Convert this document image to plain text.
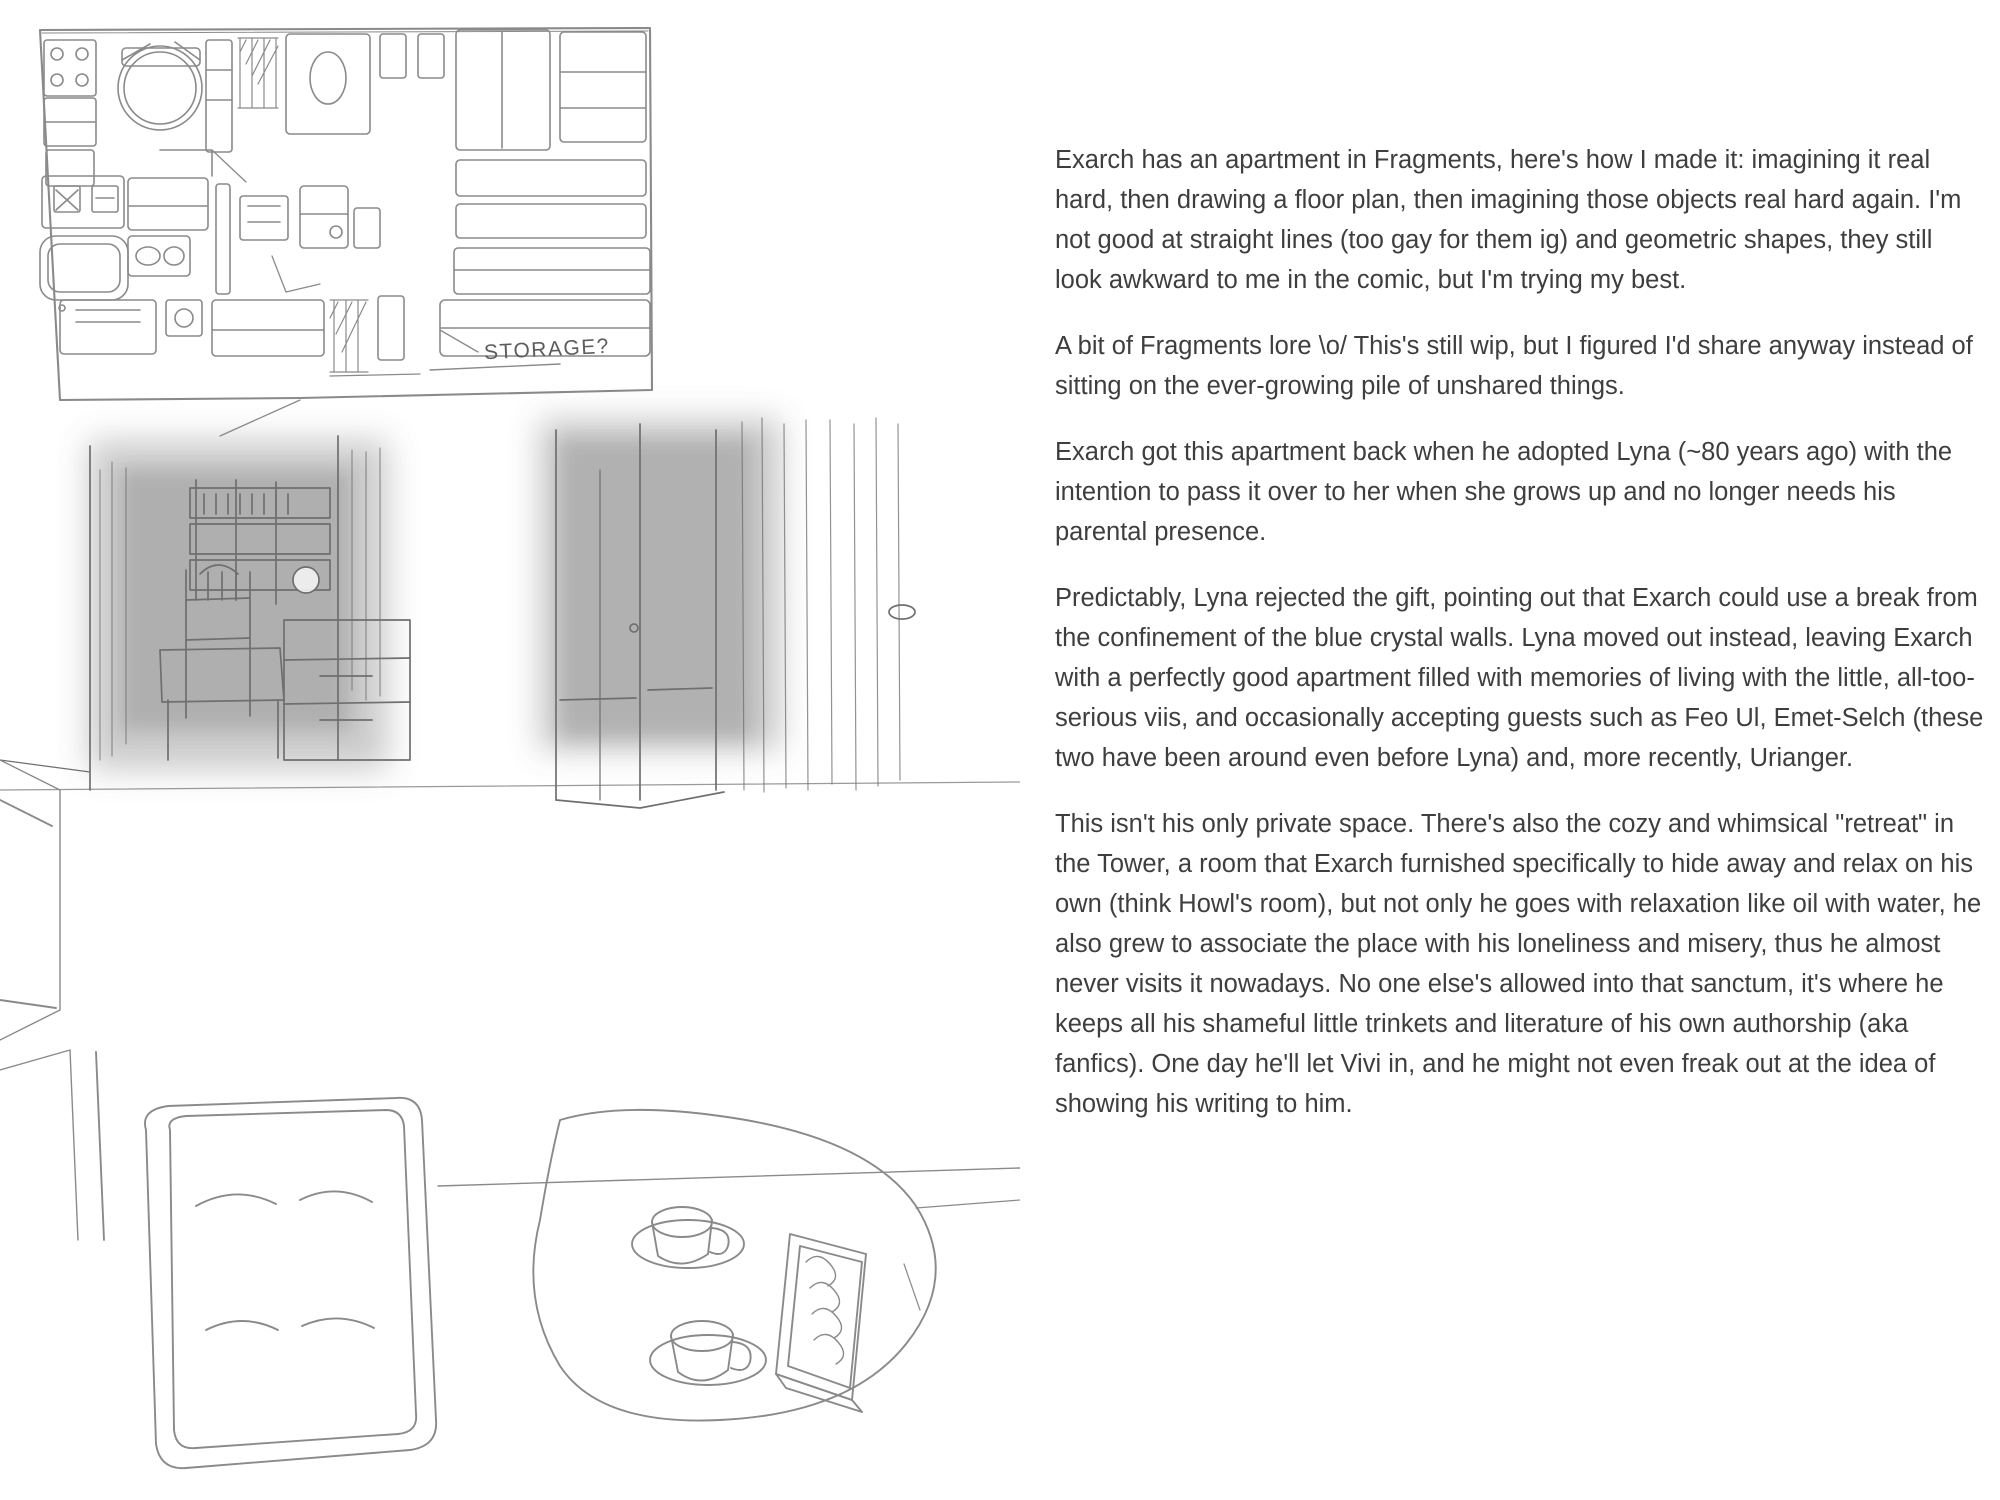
STORAGE?

Exarch has an apartment in Fragments, here's how I made it: imagining it real hard, then drawing a floor plan, then imagining those objects real hard again. I'm not good at straight lines (too gay for them ig) and geometric shapes, they still look awkward to me in the comic, but I'm trying my best.

A bit of Fragments lore \o/ This's still wip, but I figured I'd share anyway instead of sitting on the ever-growing pile of unshared things.

Exarch got this apartment back when he adopted Lyna (~80 years ago) with the intention to pass it over to her when she grows up and no longer needs his parental presence.

Predictably, Lyna rejected the gift, pointing out that Exarch could use a break from the confinement of the blue crystal walls. Lyna moved out instead, leaving Exarch with a perfectly good apartment filled with memories of living with the little, all-too-serious viis, and occasionally accepting guests such as Feo Ul, Emet-Selch (these two have been around even before Lyna) and, more recently, Urianger.

This isn't his only private space. There's also the cozy and whimsical "retreat" in the Tower, a room that Exarch furnished specifically to hide away and relax on his own (think Howl's room), but not only he goes with relaxation like oil with water, he also grew to associate the place with his loneliness and misery, thus he almost never visits it nowadays. No one else's allowed into that sanctum, it's where he keeps all his shameful little trinkets and literature of his own authorship (aka fanfics). One day he'll let Vivi in, and he might not even freak out at the idea of showing his writing to him.
